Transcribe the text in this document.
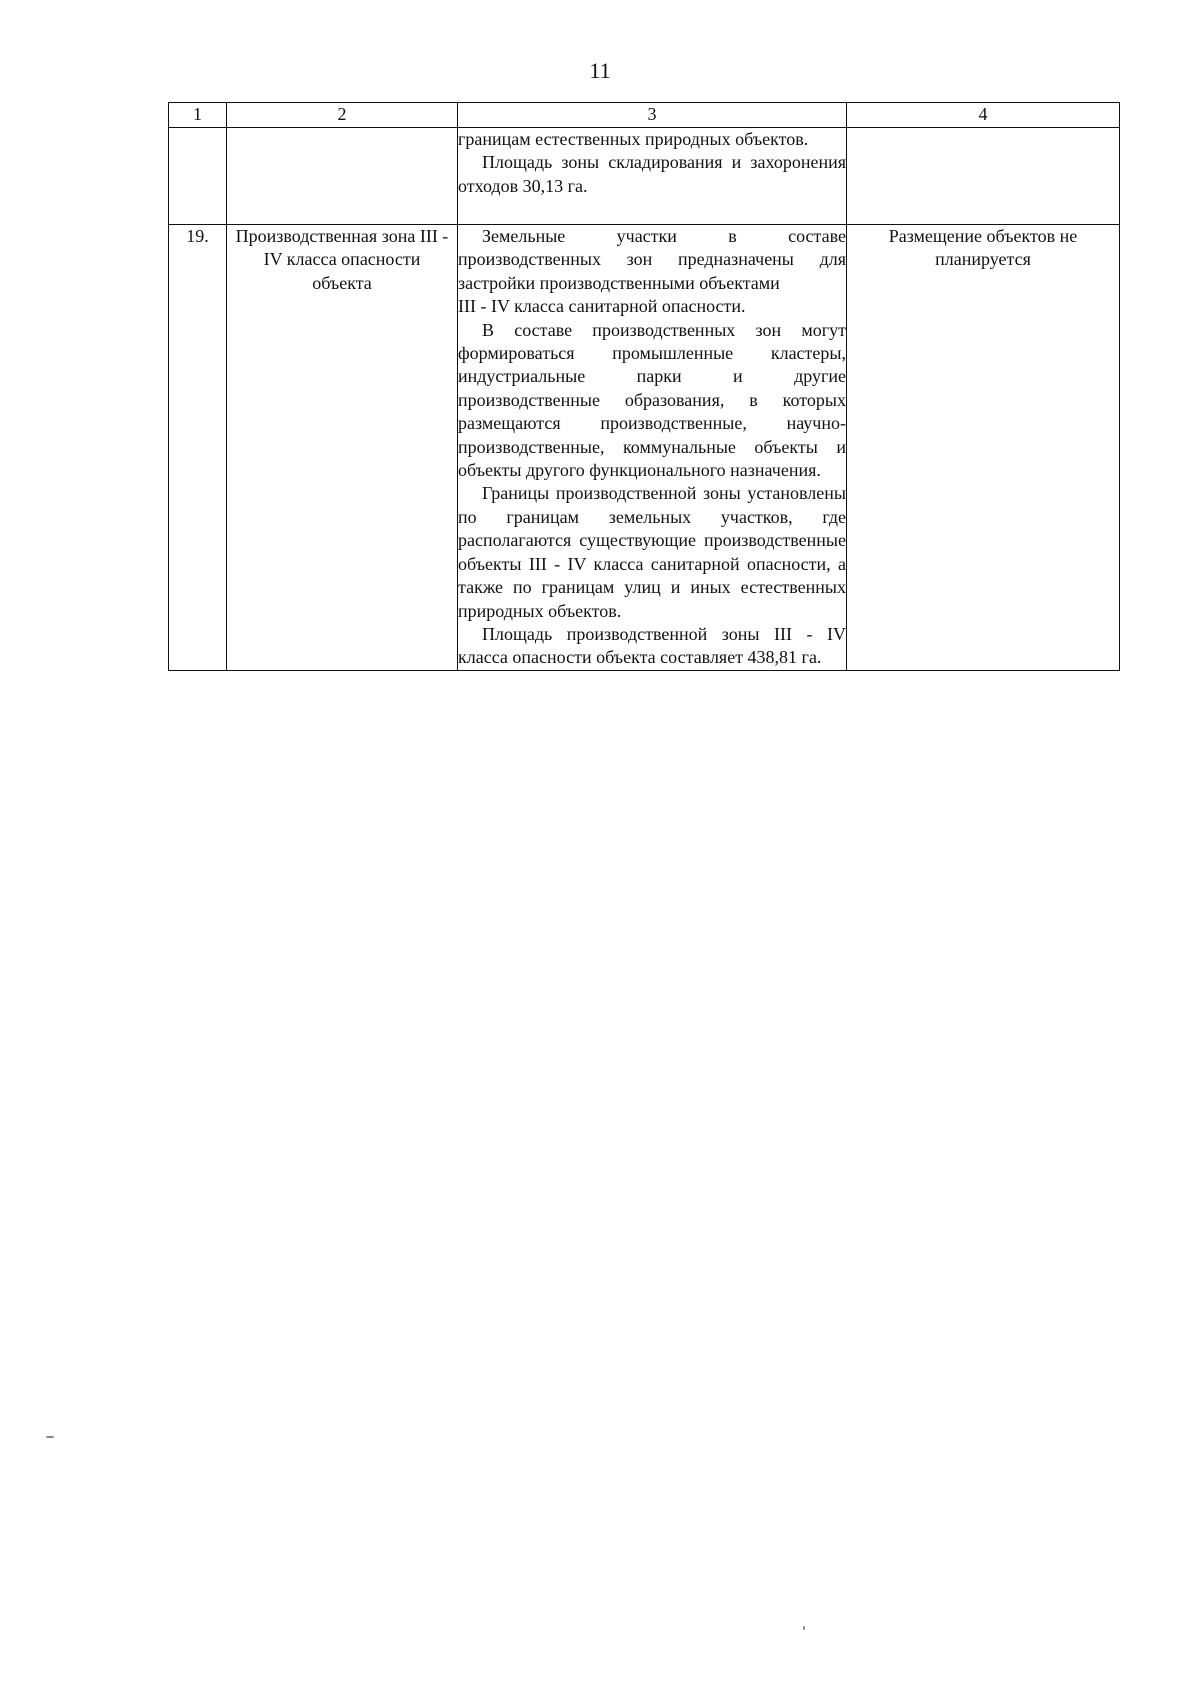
11
1	2	3	4

		границам естественных природных объектов.

Площадь зоны складирования и захоронения отходов 30,13 га.	

19.	Производственная зона III - IV класса опасности объекта	Земельные участки в составе производственных зон предназначены для застройки производственными объектами

III - IV класса санитарной опасности.

В составе производственных зон могут формироваться промышленные кластеры, индустриальные парки и другие производственные образования, в которых размещаются производственные, научно-производственные, коммунальные объекты и объекты другого функционального назначения.

Границы производственной зоны установлены по границам земельных участков, где располагаются существующие производственные объекты III - IV класса санитарной опасности, а также по границам улиц и иных естественных природных объектов.

Площадь производственной зоны III - IV класса опасности объекта составляет 438,81 га.	Размещение объектов не планируется
